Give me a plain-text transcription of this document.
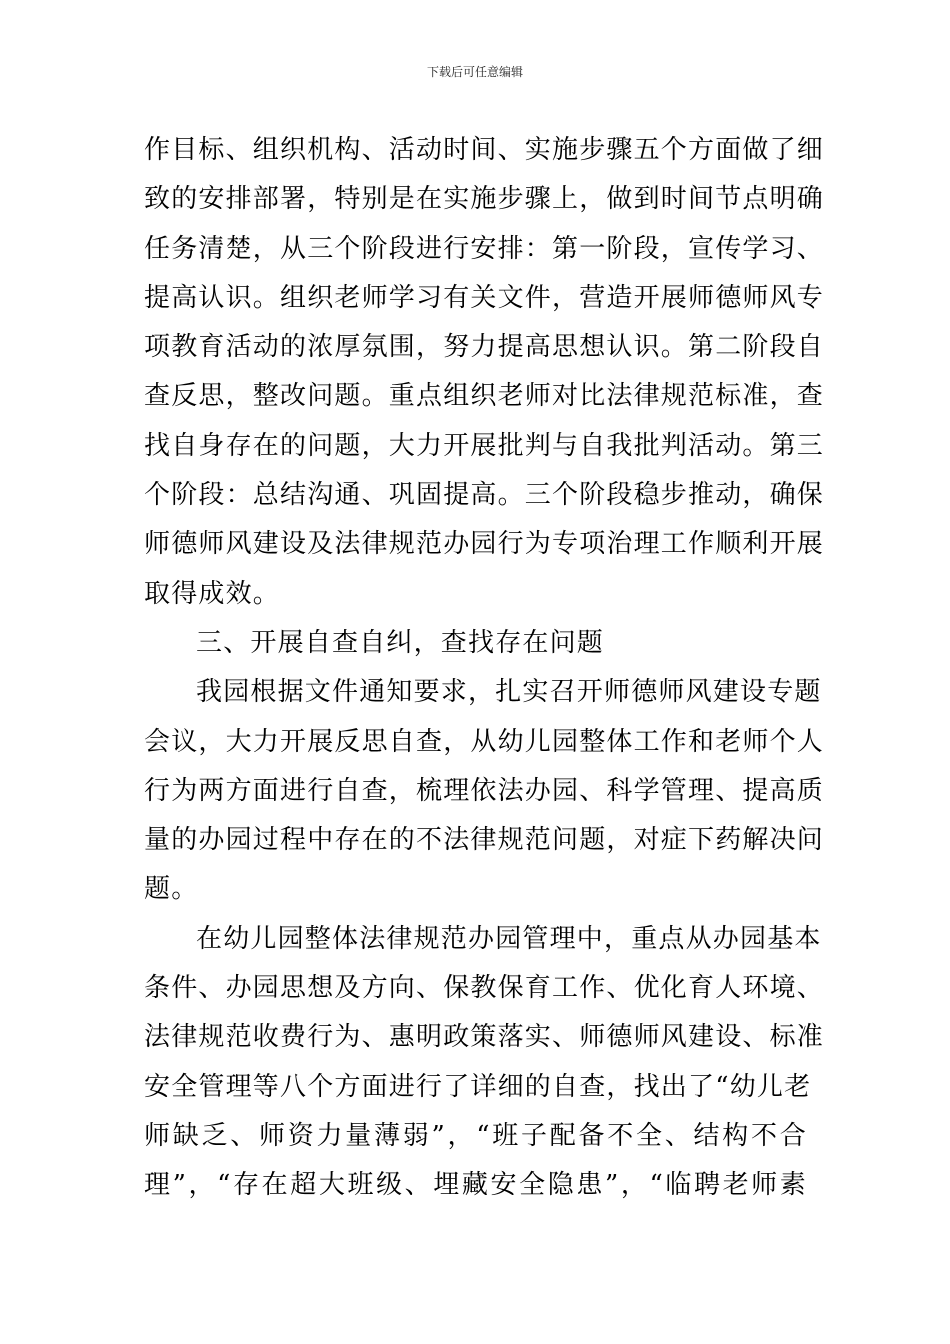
下载后可任意编辑
作目标、组织机构、活动时间、实施步骤五个方面做了细
致的安排部署，特别是在实施步骤上，做到时间节点明确
任务清楚，从三个阶段进行安排：第一阶段，宣传学习、
提高认识。组织老师学习有关文件，营造开展师德师风专
项教育活动的浓厚氛围，努力提高思想认识。第二阶段自
查反思，整改问题。重点组织老师对比法律规范标准，查
找自身存在的问题，大力开展批判与自我批判活动。第三
个阶段：总结沟通、巩固提高。三个阶段稳步推动，确保
师德师风建设及法律规范办园行为专项治理工作顺利开展
取得成效。
三、开展自查自纠，查找存在问题
我园根据文件通知要求，扎实召开师德师风建设专题
会议，大力开展反思自查，从幼儿园整体工作和老师个人
行为两方面进行自查，梳理依法办园、科学管理、提高质
量的办园过程中存在的不法律规范问题，对症下药解决问
题。
在幼儿园整体法律规范办园管理中，重点从办园基本
条件、办园思想及方向、保教保育工作、优化育人环境、
法律规范收费行为、惠明政策落实、师德师风建设、标准
安全管理等八个方面进行了详细的自查，找出了“幼儿老
师缺乏、师资力量薄弱”，“班子配备不全、结构不合
理”，“存在超大班级、埋藏安全隐患”，“临聘老师素
